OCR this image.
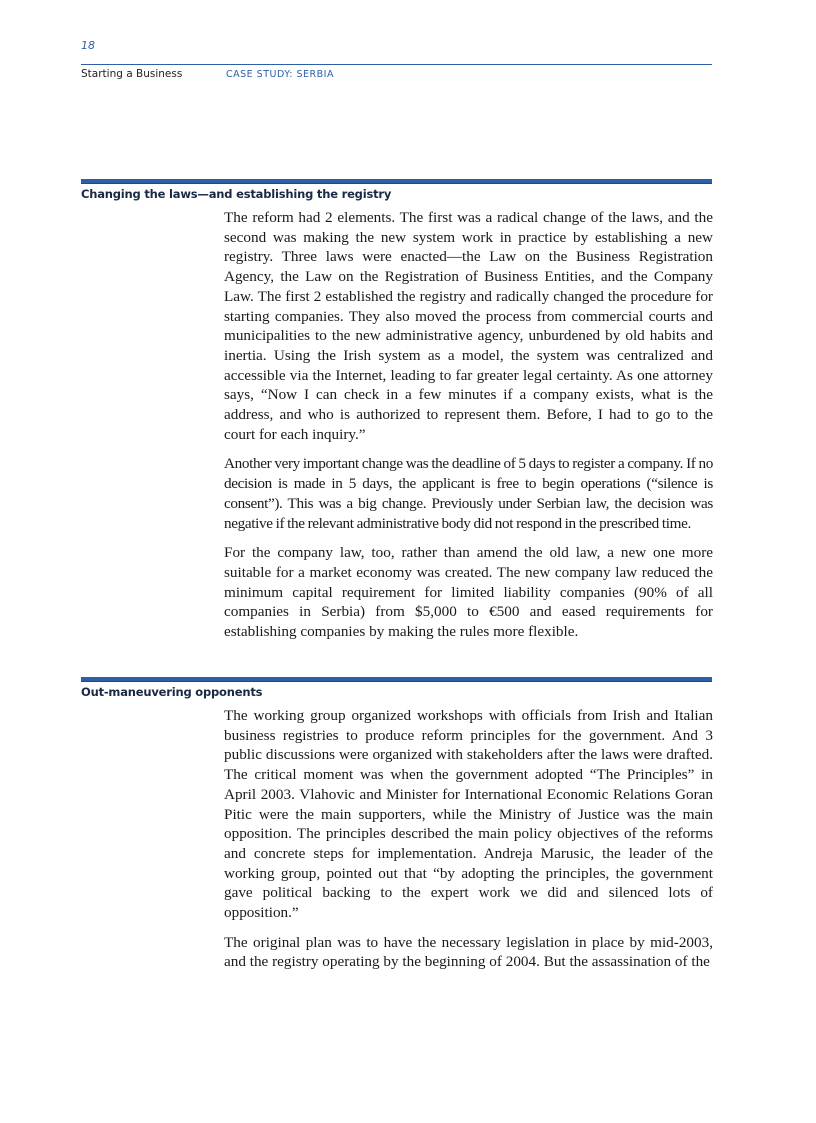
18
Starting a Business	CASE STUDY: SERBIA
Changing the laws—and establishing the registry

The reform had 2 elements. The first was a radical change of the laws, and the second was making the new system work in practice by establishing a new registry. Three laws were enacted—the Law on the Business Registration Agency, the Law on the Registration of Business Entities, and the Company Law. The first 2 established the registry and radically changed the procedure for starting companies. They also moved the process from commercial courts and municipalities to the new administrative agency, unburdened by old habits and inertia. Using the Irish system as a model, the system was centralized and accessible via the Internet, leading to far greater legal certainty. As one attorney says, “Now I can check in a few minutes if a company exists, what is the address, and who is authorized to represent them. Before, I had to go to the court for each inquiry.”

Another very important change was the deadline of 5 days to register a company. If no decision is made in 5 days, the applicant is free to begin operations (“silence is consent”). This was a big change. Previously under Serbian law, the decision was negative if the relevant administrative body did not respond in the prescribed time.

For the company law, too, rather than amend the old law, a new one more suitable for a market economy was created. The new company law reduced the minimum capital requirement for limited liability companies (90% of all companies in Serbia) from $5,000 to €500 and eased requirements for establishing companies by making the rules more flexible.

Out-maneuvering opponents

The working group organized workshops with officials from Irish and Italian business registries to produce reform principles for the government. And 3 public discussions were organized with stakeholders after the laws were drafted. The critical moment was when the government adopted “The Principles” in April 2003. Vlahovic and Minister for International Economic Relations Goran Pitic were the main supporters, while the Ministry of Justice was the main opposition. The principles described the main policy objectives of the reforms and concrete steps for implementation. Andreja Marusic, the leader of the working group, pointed out that “by adopting the principles, the government gave political backing to the expert work we did and silenced lots of opposition.”

The original plan was to have the necessary legislation in place by mid-2003, and the registry operating by the beginning of 2004. But the assassination of the
